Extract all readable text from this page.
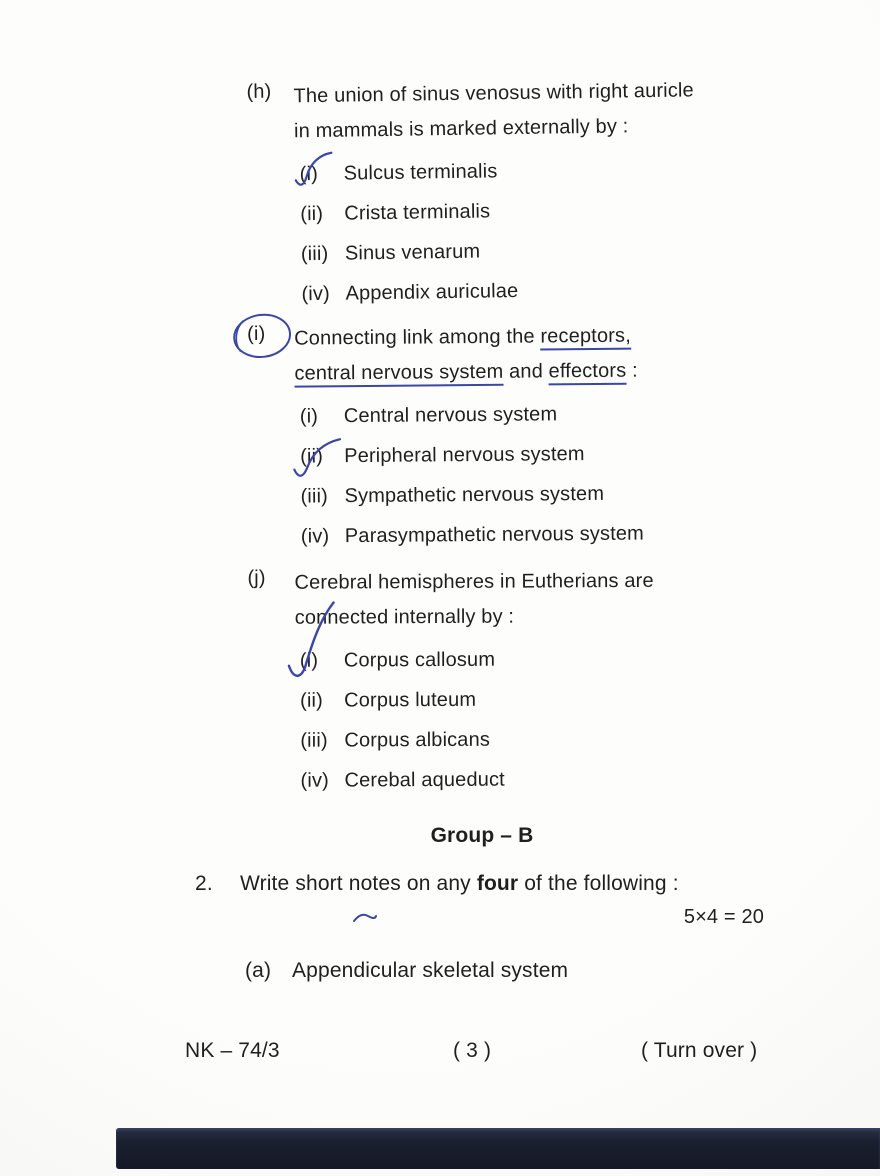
(h)	The union of sinus venosus with right auricle
in mammals is marked externally by :
(i)	Sulcus terminalis
(ii)	Crista terminalis
(iii) Sinus venarum
(iv) Appendix auriculae
(i)	Connecting link among the receptors,
central nervous system and effectors :
(i)	Central nervous system
(ii)	Peripheral nervous system
(iii) Sympathetic nervous system
(iv) Parasympathetic nervous system
(j)	Cerebral hemispheres in Eutherians are
connected internally by :
(i)	Corpus callosum
(ii)	Corpus luteum
(iii) Corpus albicans
(iv) Cerebal aqueduct
Group – B
2.	Write short notes on any four of the following :
5×4 = 20
(a) Appendicular skeletal system
NK – 74/3	( 3 )	( Turn over )
